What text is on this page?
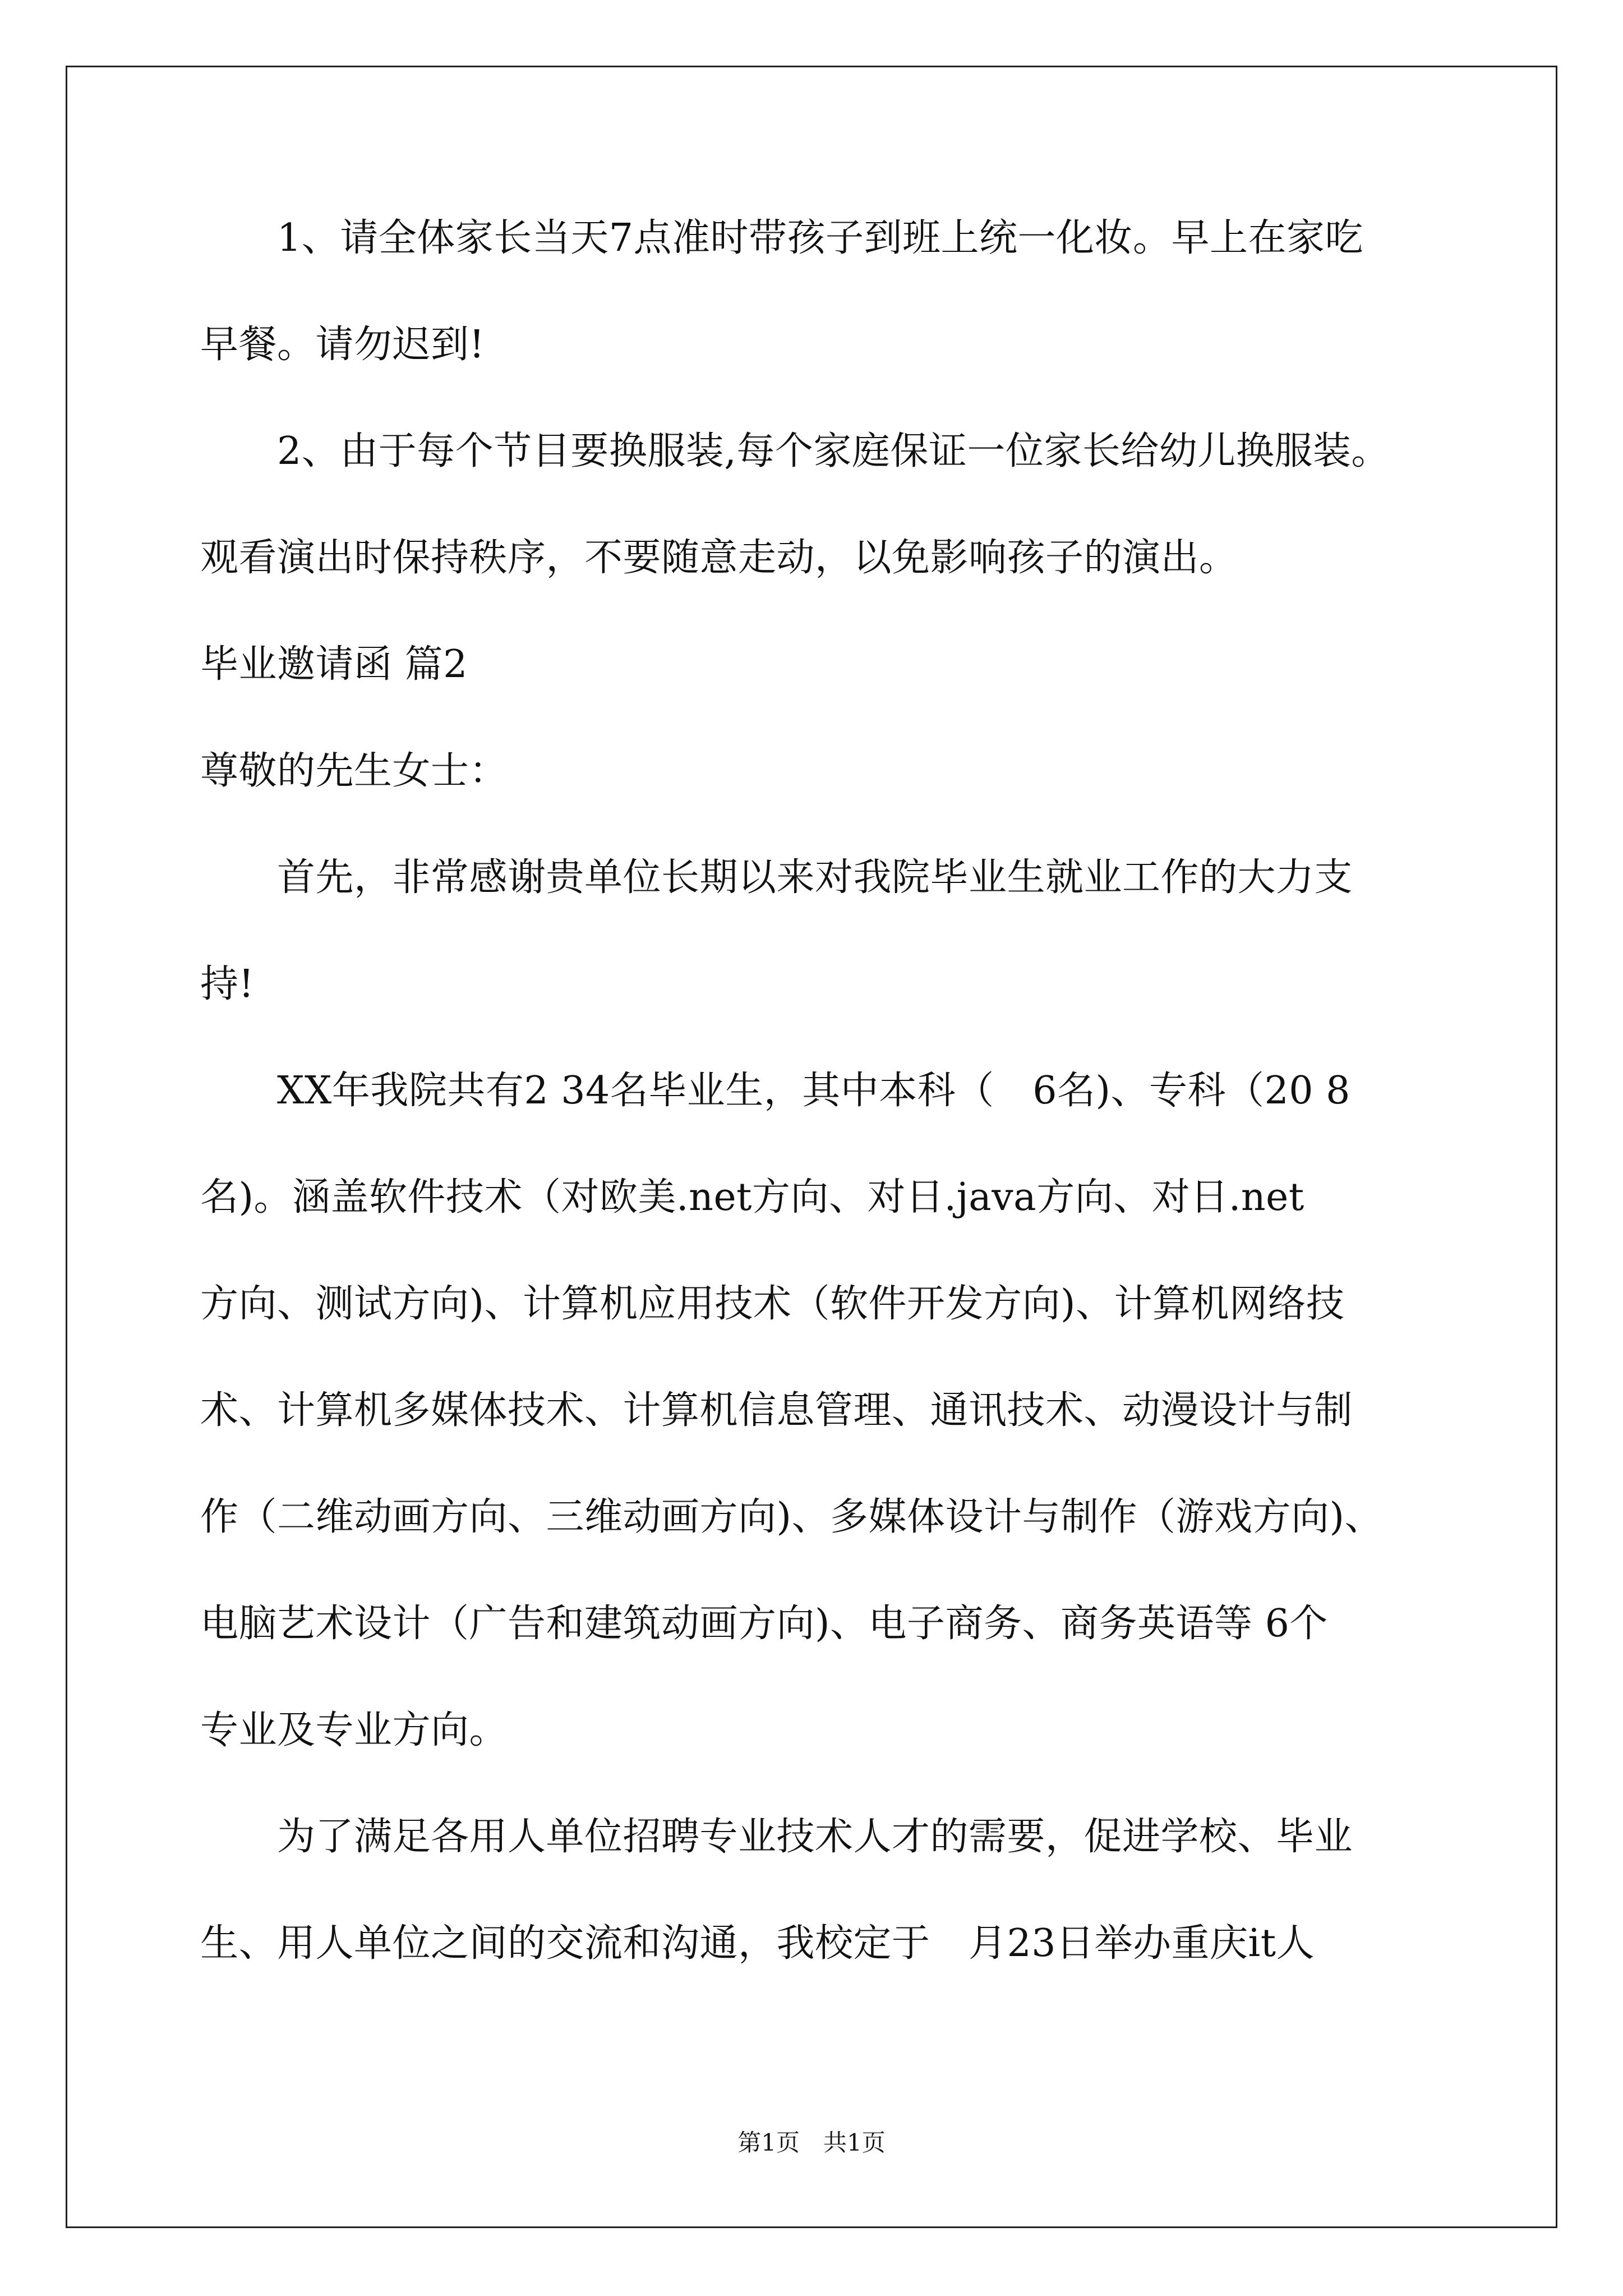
　　1、请全体家长当天7点准时带孩子到班上统一化妆。早上在家吃
早餐。请勿迟到!
　　2、由于每个节目要换服装,每个家庭保证一位家长给幼儿换服装。
观看演出时保持秩序，不要随意走动，以免影响孩子的演出。
毕业邀请函 篇2
尊敬的先生女士：
　　首先，非常感谢贵单位长期以来对我院毕业生就业工作的大力支
持!
　　XX年我院共有2 34名毕业生，其中本科（　6名)、专科（20 8
名)。涵盖软件技术（对欧美.net方向、对日.java方向、对日.net
方向、测试方向)、计算机应用技术（软件开发方向)、计算机网络技
术、计算机多媒体技术、计算机信息管理、通讯技术、动漫设计与制
作（二维动画方向、三维动画方向)、多媒体设计与制作（游戏方向)、
电脑艺术设计（广告和建筑动画方向)、电子商务、商务英语等 6个
专业及专业方向。
　　为了满足各用人单位招聘专业技术人才的需要，促进学校、毕业
生、用人单位之间的交流和沟通，我校定于　月23日举办重庆it人
第1页　共1页
